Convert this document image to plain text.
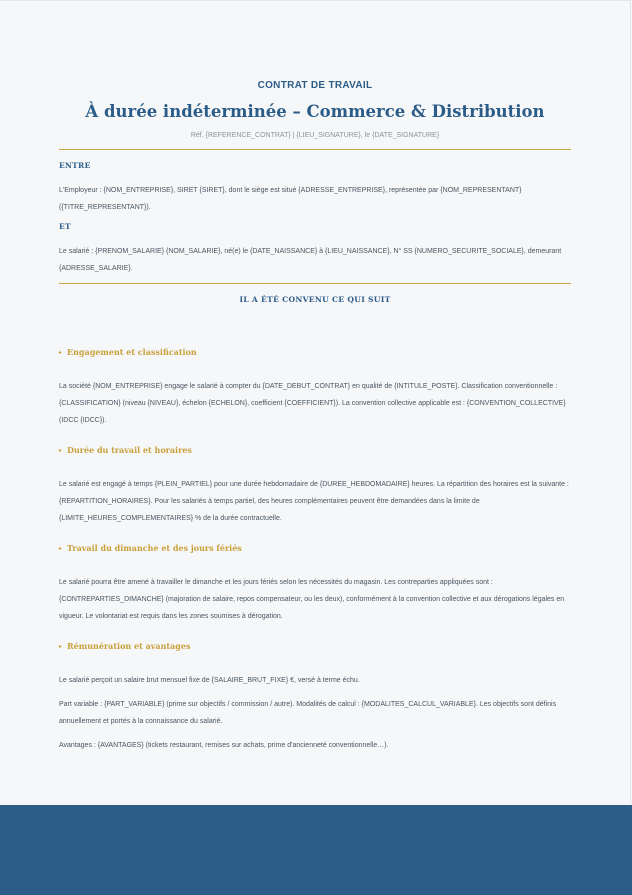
CONTRAT DE TRAVAIL

À durée indéterminée – Commerce & Distribution

Réf. {REFERENCE_CONTRAT} | {LIEU_SIGNATURE}, le {DATE_SIGNATURE}

ENTRE

L'Employeur : {NOM_ENTREPRISE}, SIRET {SIRET}, dont le siège est situé {ADRESSE_ENTREPRISE}, représentée par {NOM_REPRESENTANT} ({TITRE_REPRESENTANT}).

ET

Le salarié : {PRENOM_SALARIE} {NOM_SALARIE}, né(e) le {DATE_NAISSANCE} à {LIEU_NAISSANCE}, N° SS {NUMERO_SECURITE_SOCIALE}, demeurant {ADRESSE_SALARIE}.

IL A ÉTÉ CONVENU CE QUI SUIT

▸ Engagement et classification

La société {NOM_ENTREPRISE} engage le salarié à compter du {DATE_DEBUT_CONTRAT} en qualité de {INTITULE_POSTE}. Classification conventionnelle : {CLASSIFICATION} (niveau {NIVEAU}, échelon {ECHELON}, coefficient {COEFFICIENT}). La convention collective applicable est : {CONVENTION_COLLECTIVE} (IDCC {IDCC}).

▸ Durée du travail et horaires

Le salarié est engagé à temps {PLEIN_PARTIEL} pour une durée hebdomadaire de {DUREE_HEBDOMADAIRE} heures. La répartition des horaires est la suivante : {REPARTITION_HORAIRES}. Pour les salariés à temps partiel, des heures complémentaires peuvent être demandées dans la limite de {LIMITE_HEURES_COMPLEMENTAIRES} % de la durée contractuelle.

▸ Travail du dimanche et des jours fériés

Le salarié pourra être amené à travailler le dimanche et les jours fériés selon les nécessités du magasin. Les contreparties appliquées sont : {CONTREPARTIES_DIMANCHE} (majoration de salaire, repos compensateur, ou les deux), conformément à la convention collective et aux dérogations légales en vigueur. Le volontariat est requis dans les zones soumises à dérogation.

▸ Rémunération et avantages

Le salarié perçoit un salaire brut mensuel fixe de {SALAIRE_BRUT_FIXE} €, versé à terme échu.

Part variable : {PART_VARIABLE} (prime sur objectifs / commission / autre). Modalités de calcul : {MODALITES_CALCUL_VARIABLE}. Les objectifs sont définis annuellement et portés à la connaissance du salarié.

Avantages : {AVANTAGES} (tickets restaurant, remises sur achats, prime d'ancienneté conventionnelle…).
